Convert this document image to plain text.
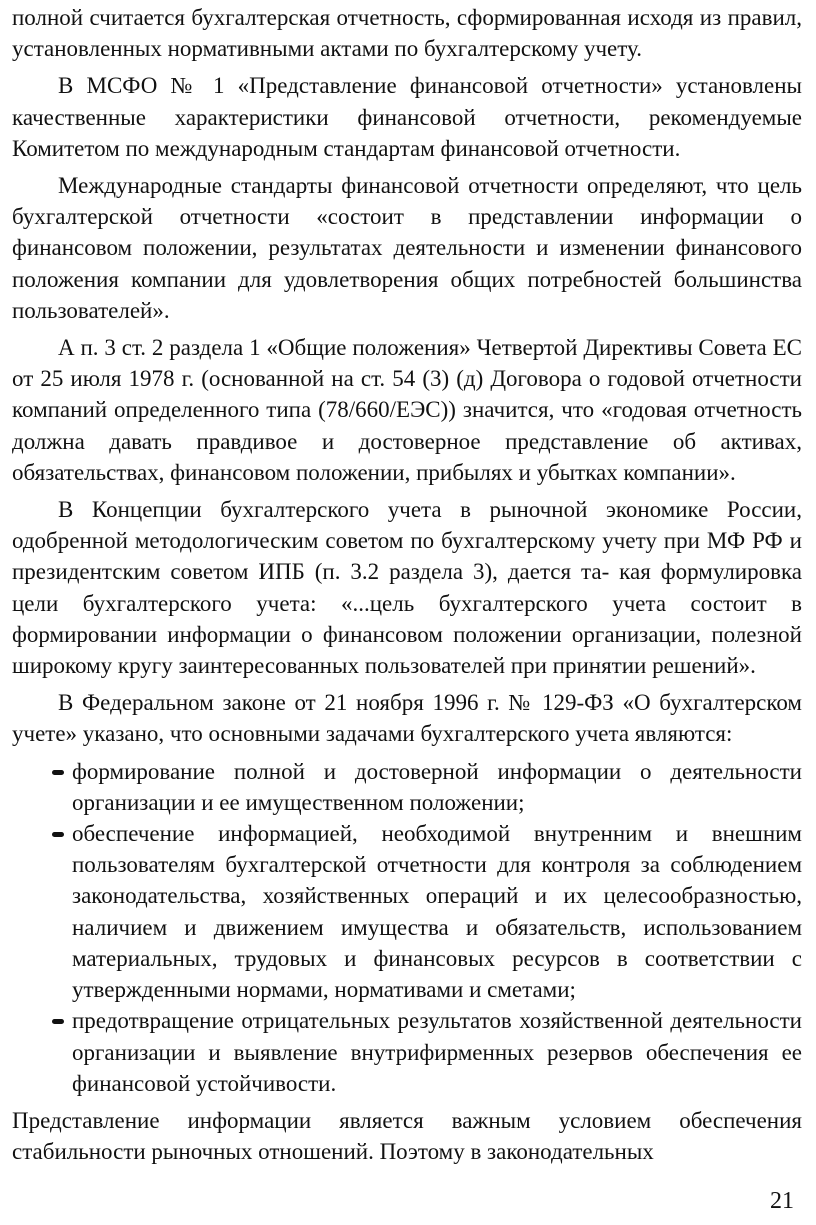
полной считается бухгалтерская отчетность, сформированная исходя из правил, установленных нормативными актами по бухгалтерскому учету.

В МСФО № 1 «Представление финансовой отчетности» установлены качественные характеристики финансовой отчетности, рекомендуемые Комитетом по международным стандартам финансовой отчетности.

Международные стандарты финансовой отчетности определяют, что цель бухгалтерской отчетности «состоит в представлении информации о финансовом положении, результатах деятельности и изменении финансового положения компании для удовлетворения общих потребностей большинства пользователей».

А п. 3 ст. 2 раздела 1 «Общие положения» Четвертой Директивы Совета ЕС от 25 июля 1978 г. (основанной на ст. 54 (3) (д) Договора о годовой отчетности компаний определенного типа (78/660/ЕЭС)) значится, что «годовая отчетность должна давать правдивое и достоверное представление об активах, обязательствах, финансовом положении, прибылях и убытках компании».

В Концепции бухгалтерского учета в рыночной экономике России, одобренной методологическим советом по бухгалтерскому учету при МФ РФ и президентским советом ИПБ (п. 3.2 раздела 3), дается та- кая формулировка цели бухгалтерского учета: «...цель бухгалтерского учета состоит в формировании информации о финансовом положении организации, полезной широкому кругу заинтересованных пользователей при принятии решений».

В Федеральном законе от 21 ноября 1996 г. № 129-ФЗ «О бухгалтерском учете» указано, что основными задачами бухгалтерского учета являются:

формирование полной и достоверной информации о деятельности организации и ее имущественном положении;
обеспечение информацией, необходимой внутренним и внешним пользователям бухгалтерской отчетности для контроля за соблюдением законодательства, хозяйственных операций и их целесообразностью, наличием и движением имущества и обязательств, использованием материальных, трудовых и финансовых ресурсов в соответствии с утвержденными нормами, нормативами и сметами;
предотвращение отрицательных результатов хозяйственной деятельности организации и выявление внутрифирменных резервов обеспечения ее финансовой устойчивости.

Представление информации является важным условием обеспечения стабильности рыночных отношений. Поэтому в законодательных

21
